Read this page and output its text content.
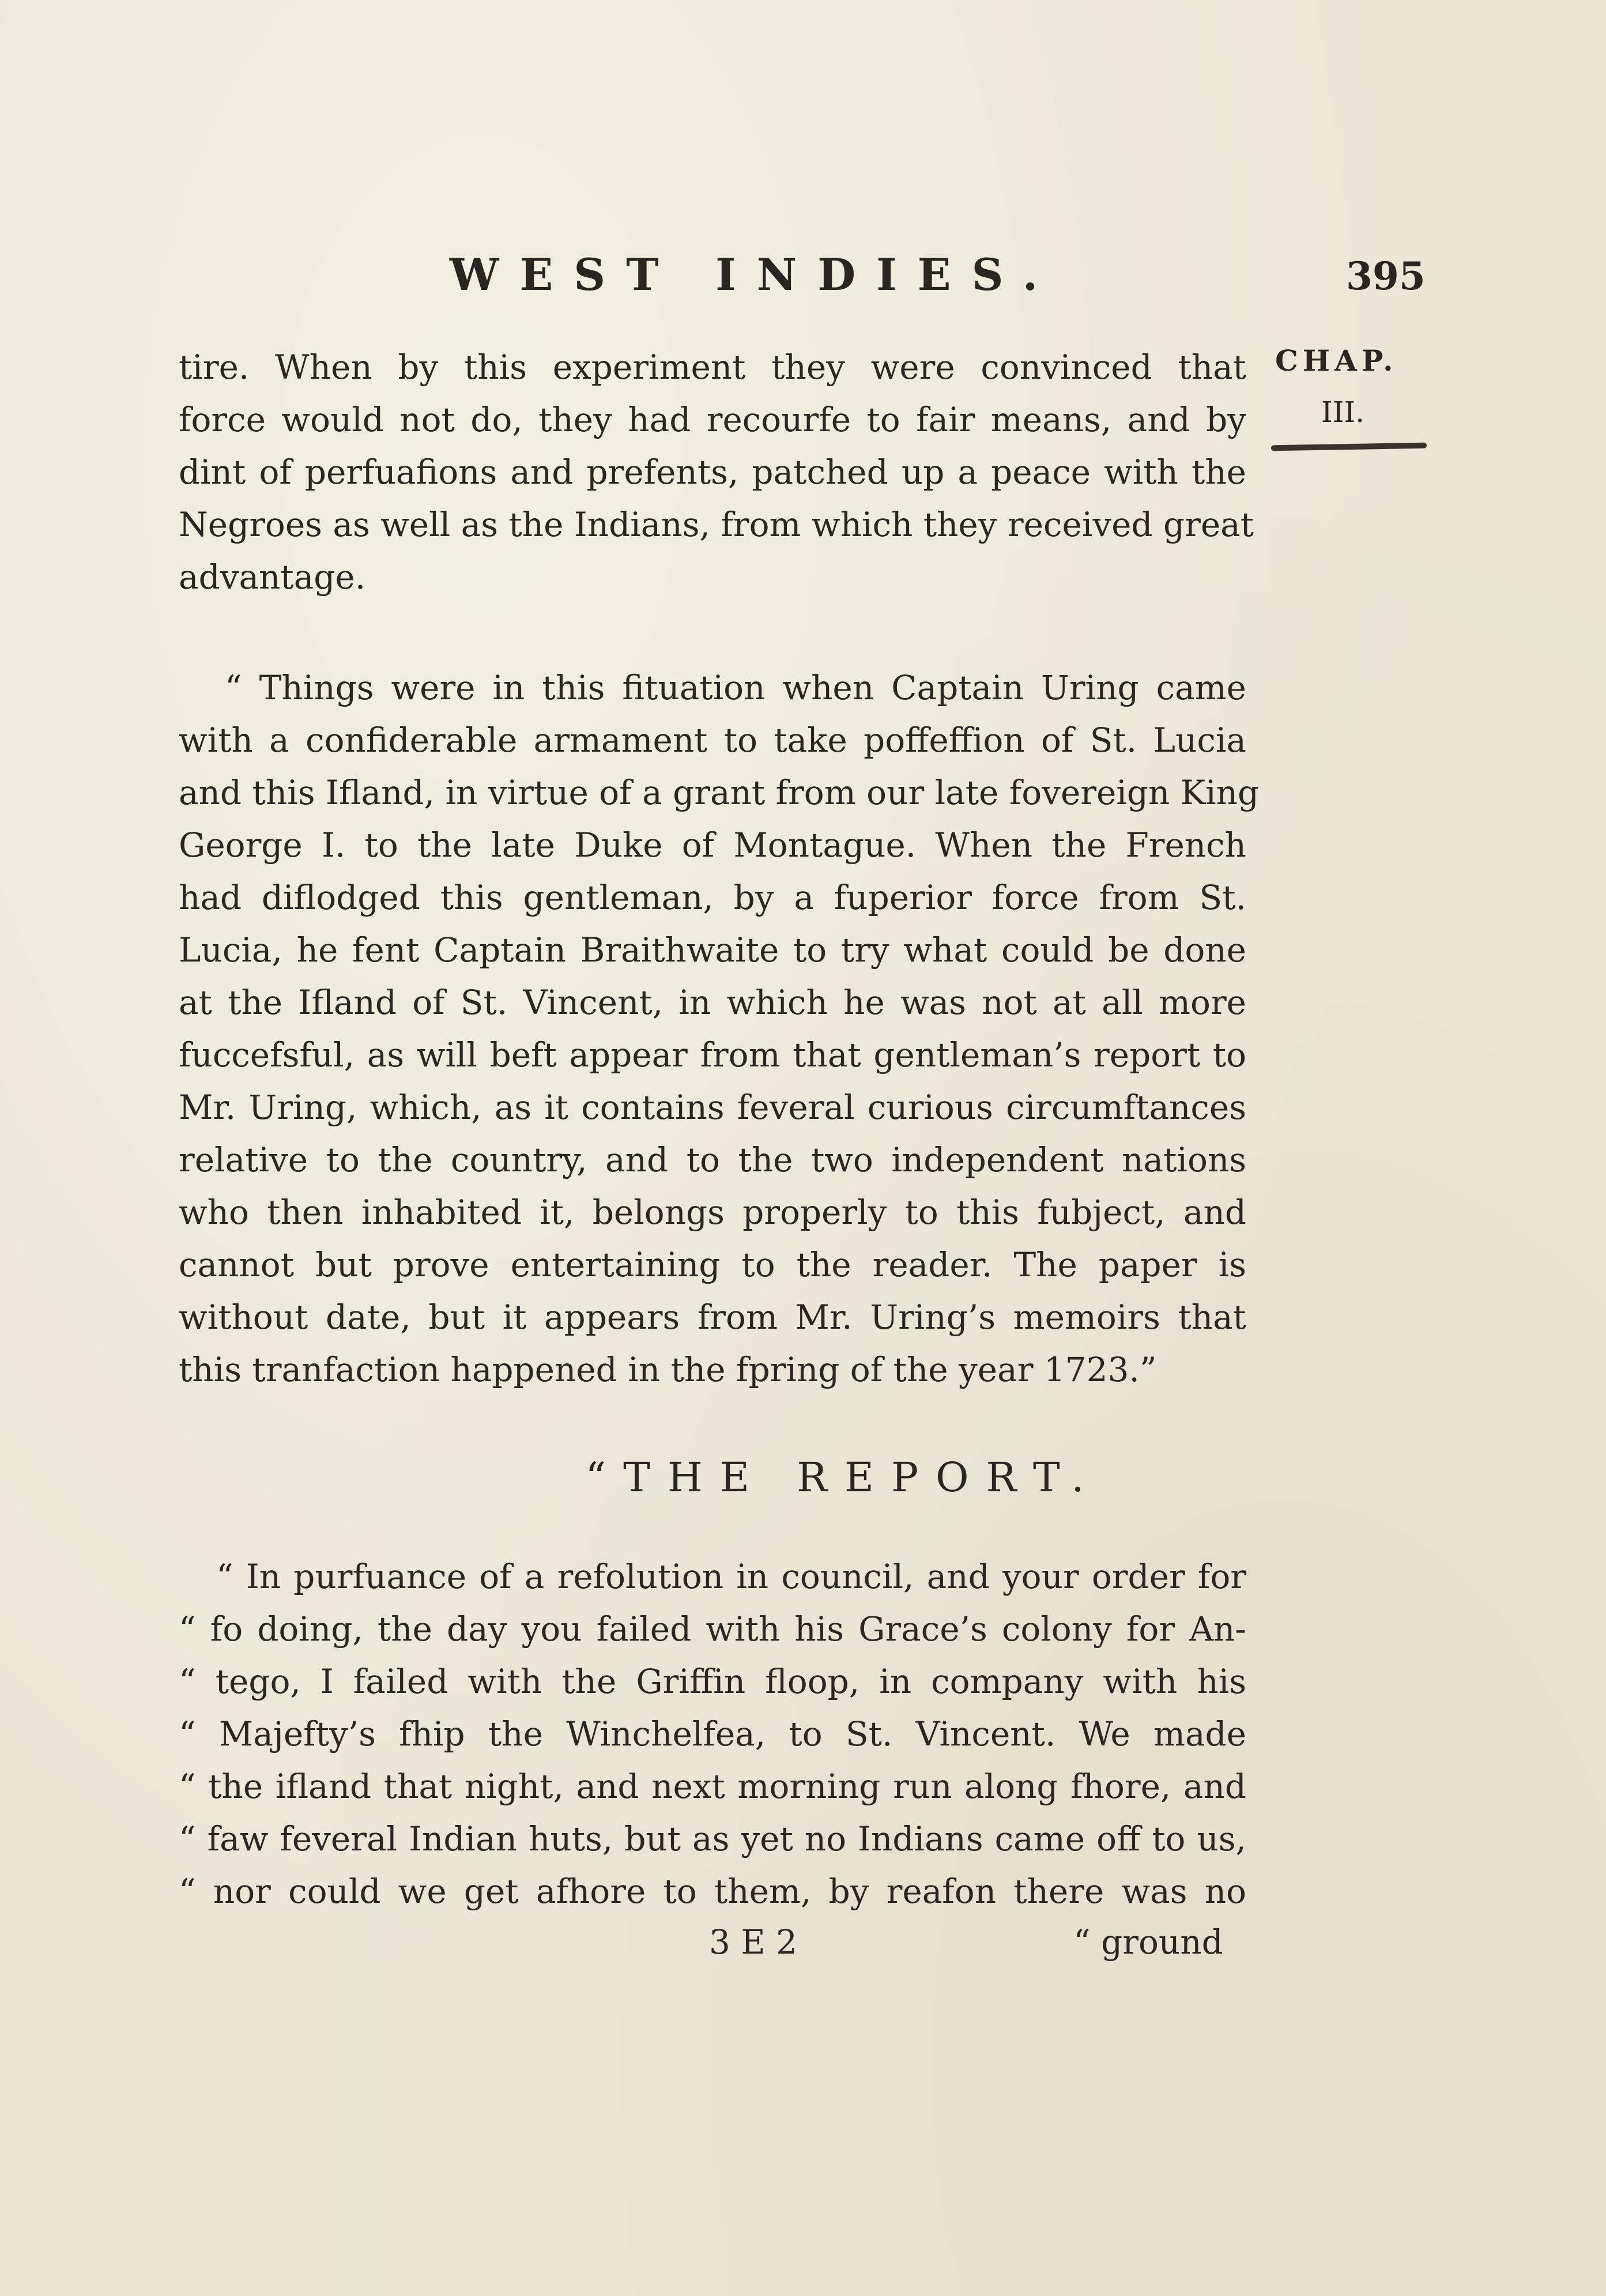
WEST INDIES.	395
CHAP.
III.
tire. When by this experiment they were convinced that
force would not do, they had recourfe to fair means, and by
dint of perfuafions and prefents, patched up a peace with the
Negroes as well as the Indians, from which they received great
advantage.
“ Things were in this fituation when Captain Uring came
with a confiderable armament to take poffeffion of St. Lucia
and this Ifland, in virtue of a grant from our late fovereign King
George I. to the late Duke of Montague. When the French
had diflodged this gentleman, by a fuperior force from St.
Lucia, he fent Captain Braithwaite to try what could be done
at the Ifland of St. Vincent, in which he was not at all more
fuccefsful, as will beft appear from that gentleman’s report to
Mr. Uring, which, as it contains feveral curious circumftances
relative to the country, and to the two independent nations
who then inhabited it, belongs properly to this fubject, and
cannot but prove entertaining to the reader. The paper is
without date, but it appears from Mr. Uring’s memoirs that
this tranfaction happened in the fpring of the year 1723.”
“THE REPORT.
“ In purfuance of a refolution in council, and your order for
“ fo doing, the day you failed with his Grace’s colony for An-
“ tego, I failed with the Griffin floop, in company with his
“ Majefty’s fhip the Winchelfea, to St. Vincent. We made
“ the ifland that night, and next morning run along fhore, and
“ faw feveral Indian huts, but as yet no Indians came off to us,
“ nor could we get afhore to them, by reafon there was no
3 E 2	“ ground
